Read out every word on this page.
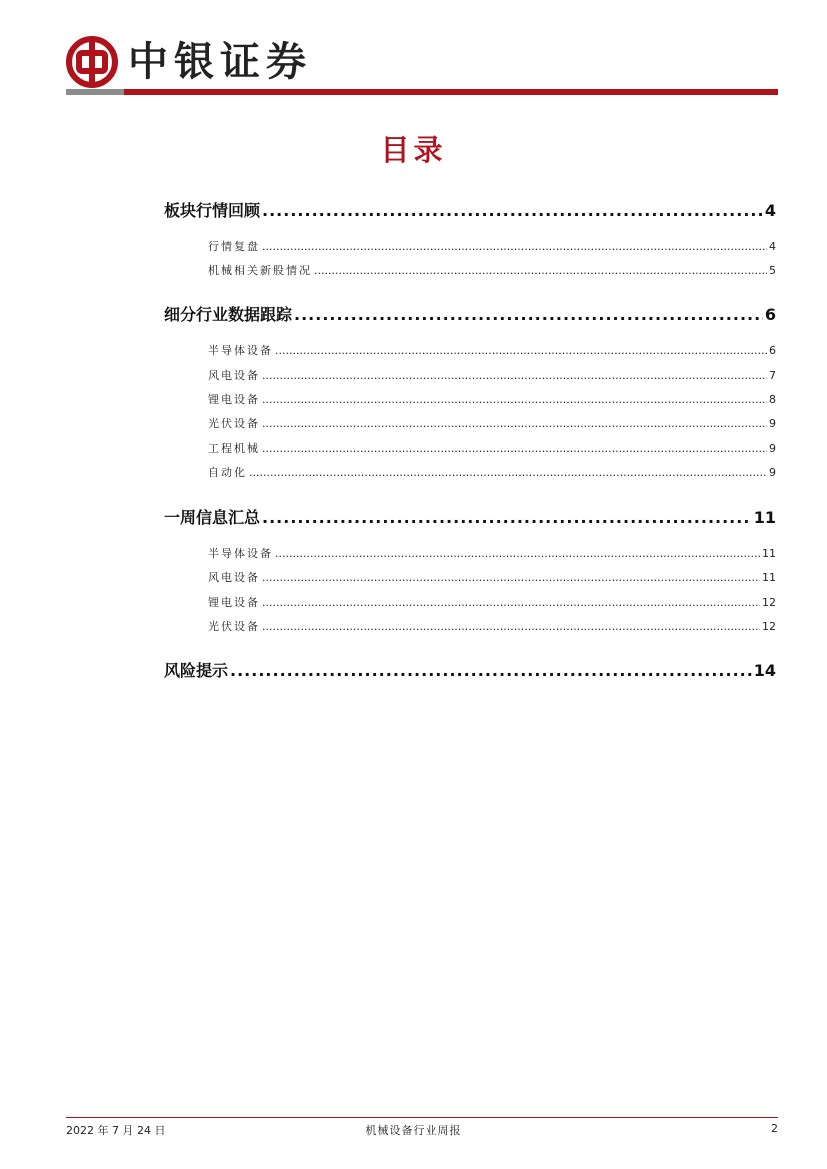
中银证券
目录
板块行情回顾 .....	4
行情复盘 .....	4
机械相关新股情况 .....	5
细分行业数据跟踪 .....	6
半导体设备 .....	6
风电设备 .....	7
锂电设备 .....	8
光伏设备 .....	9
工程机械 .....	9
自动化 .....	9
一周信息汇总 .....	11
半导体设备 .....	11
风电设备 .....	11
锂电设备 .....	12
光伏设备 .....	12
风险提示 .....	14
2022 年 7 月 24 日	机械设备行业周报	2
